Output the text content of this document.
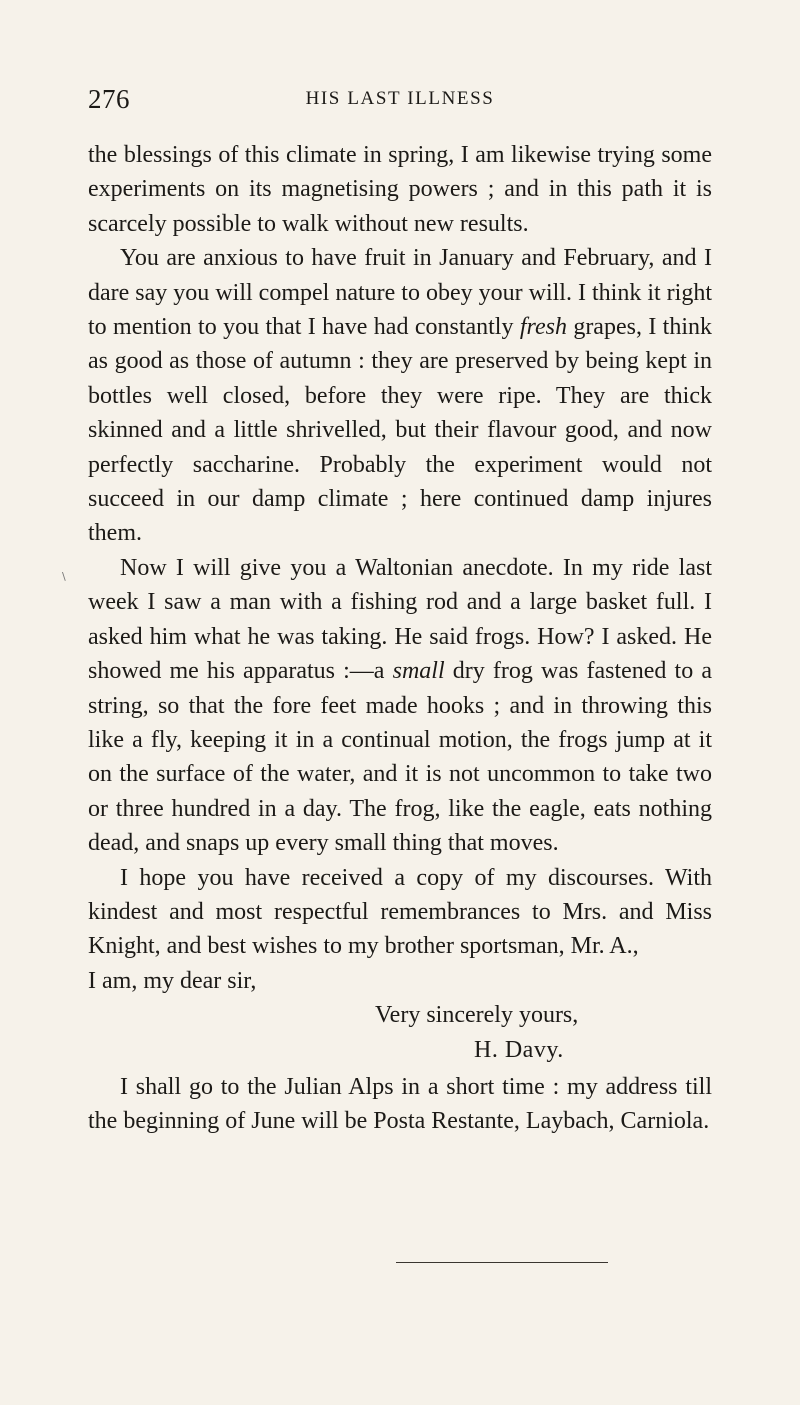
276	HIS LAST ILLNESS
\

the blessings of this climate in spring, I am likewise trying some experiments on its magnetising powers ; and in this path it is scarcely possible to walk without new results.

You are anxious to have fruit in January and February, and I dare say you will compel nature to obey your will. I think it right to mention to you that I have had constantly fresh grapes, I think as good as those of autumn : they are preserved by being kept in bottles well closed, before they were ripe. They are thick skinned and a little shrivelled, but their flavour good, and now perfectly saccharine. Probably the experiment would not succeed in our damp climate ; here continued damp injures them.

Now I will give you a Waltonian anecdote. In my ride last week I saw a man with a fishing rod and a large basket full. I asked him what he was taking. He said frogs. How? I asked. He showed me his apparatus :—a small dry frog was fastened to a string, so that the fore feet made hooks ; and in throwing this like a fly, keeping it in a continual motion, the frogs jump at it on the surface of the water, and it is not uncommon to take two or three hundred in a day. The frog, like the eagle, eats nothing dead, and snaps up every small thing that moves.

I hope you have received a copy of my discourses. With kindest and most respectful remembrances to Mrs. and Miss Knight, and best wishes to my brother sportsman, Mr. A.,

I am, my dear sir,

Very sincerely yours,
H. Davy.

I shall go to the Julian Alps in a short time : my address till the beginning of June will be Posta Restante, Laybach, Carniola.
